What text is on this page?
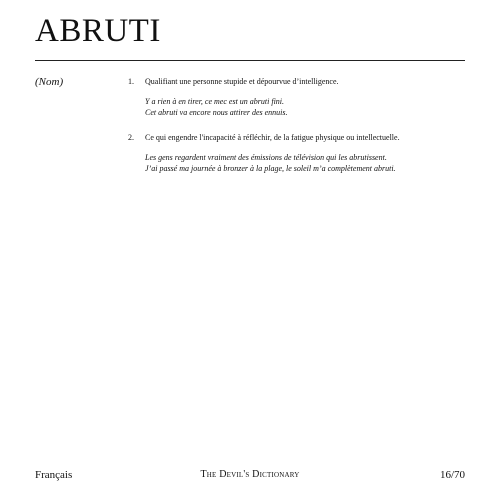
ABRUTI
(Nom)	1. Qualifiant une personne stupide et dépourvue d’intelligence.
Y a rien à en tirer, ce mec est un abruti fini.
Cet abruti va encore nous attirer des ennuis.
2. Ce qui engendre l'incapacité à réfléchir, de la fatigue physique ou intellectuelle.
Les gens regardent vraiment des émissions de télévision qui les abrutissent.
J’ai passé ma journée à bronzer à la plage, le soleil m’a complètement abruti.
Français	The Devil's Dictionary	16/70
